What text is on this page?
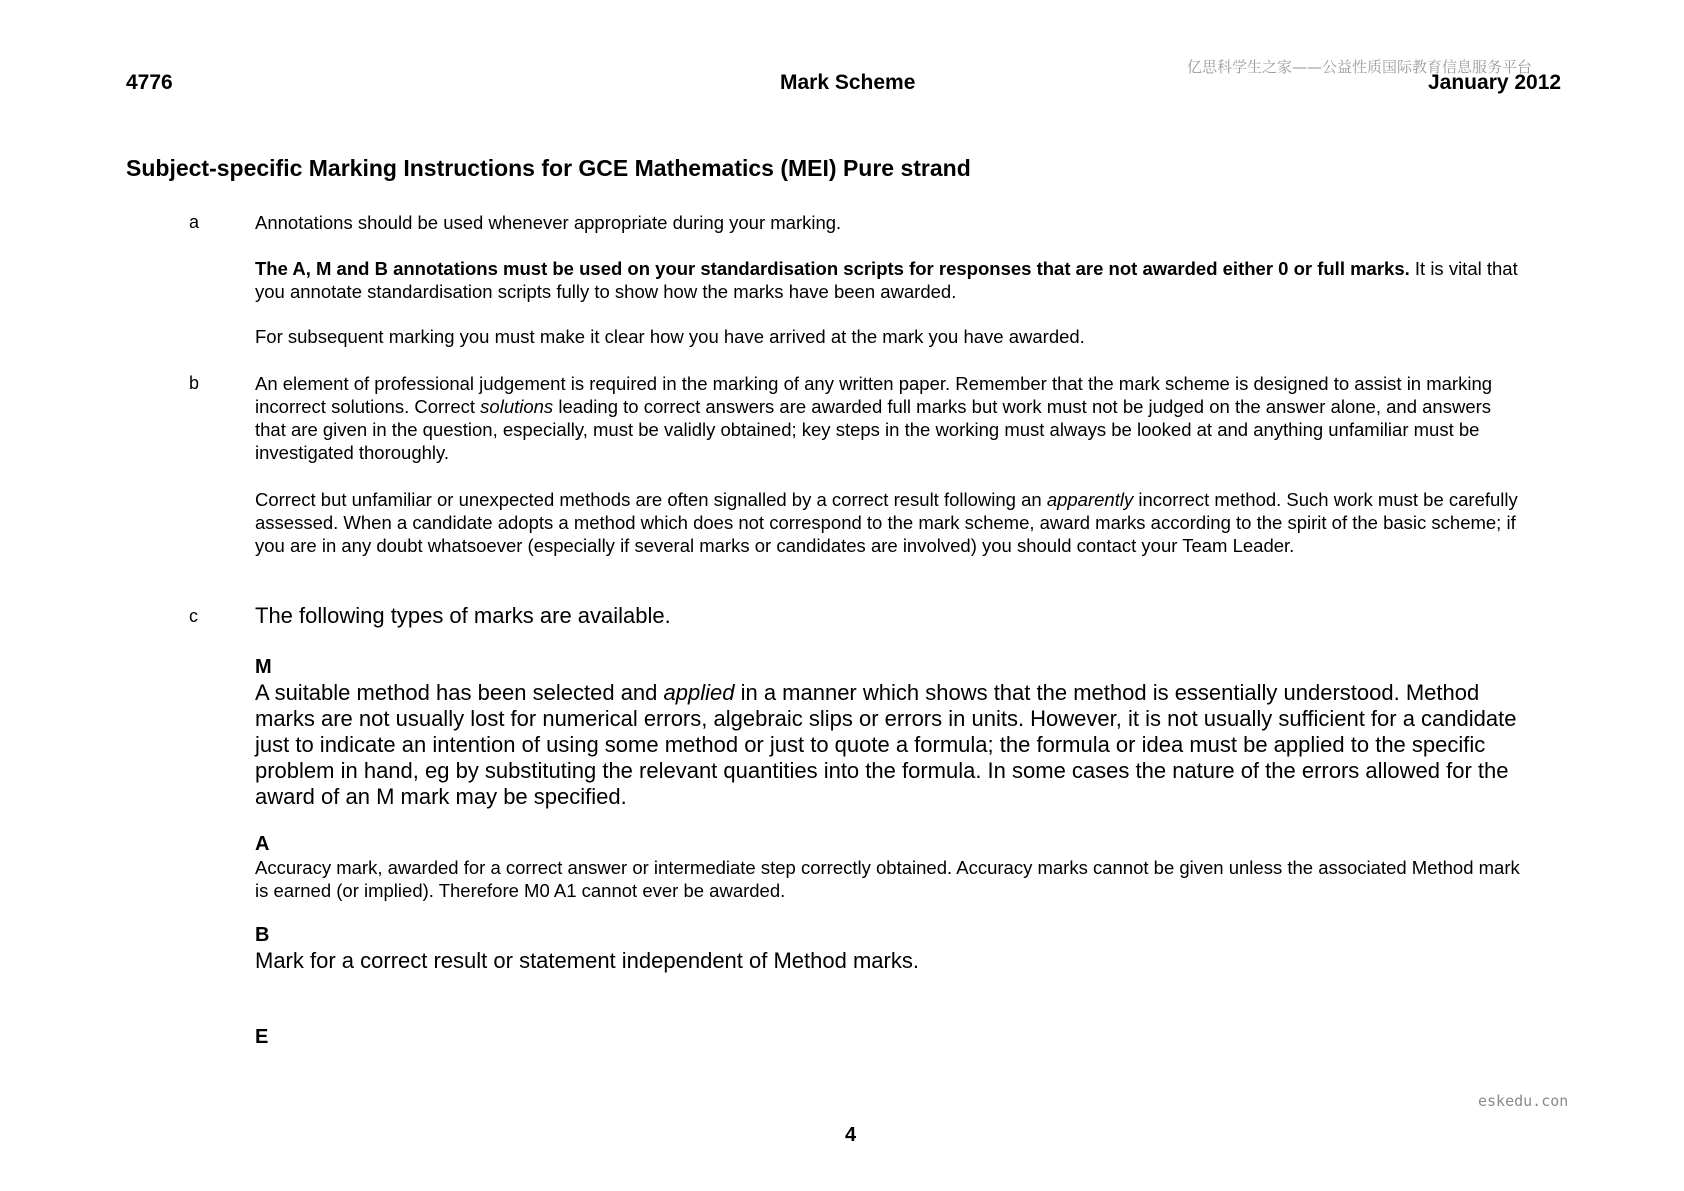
4776	Mark Scheme
亿思科学生之家——公益性质国际教育信息服务平台
January 2012
Subject-specific Marking Instructions for GCE Mathematics (MEI) Pure strand
a	Annotations should be used whenever appropriate during your marking.
The A, M and B annotations must be used on your standardisation scripts for responses that are not awarded either 0 or full marks. It is vital that you annotate standardisation scripts fully to show how the marks have been awarded.
For subsequent marking you must make it clear how you have arrived at the mark you have awarded.
b	An element of professional judgement is required in the marking of any written paper. Remember that the mark scheme is designed to assist in marking incorrect solutions. Correct solutions leading to correct answers are awarded full marks but work must not be judged on the answer alone, and answers that are given in the question, especially, must be validly obtained; key steps in the working must always be looked at and anything unfamiliar must be investigated thoroughly.
Correct but unfamiliar or unexpected methods are often signalled by a correct result following an apparently incorrect method. Such work must be carefully assessed. When a candidate adopts a method which does not correspond to the mark scheme, award marks according to the spirit of the basic scheme; if you are in any doubt whatsoever (especially if several marks or candidates are involved) you should contact your Team Leader.
c	The following types of marks are available.
M
A suitable method has been selected and applied in a manner which shows that the method is essentially understood. Method marks are not usually lost for numerical errors, algebraic slips or errors in units. However, it is not usually sufficient for a candidate just to indicate an intention of using some method or just to quote a formula; the formula or idea must be applied to the specific problem in hand, eg by substituting the relevant quantities into the formula. In some cases the nature of the errors allowed for the award of an M mark may be specified.
A
Accuracy mark, awarded for a correct answer or intermediate step correctly obtained. Accuracy marks cannot be given unless the associated Method mark is earned (or implied). Therefore M0 A1 cannot ever be awarded.
B
Mark for a correct result or statement independent of Method marks.
E
eskedu.con
4
